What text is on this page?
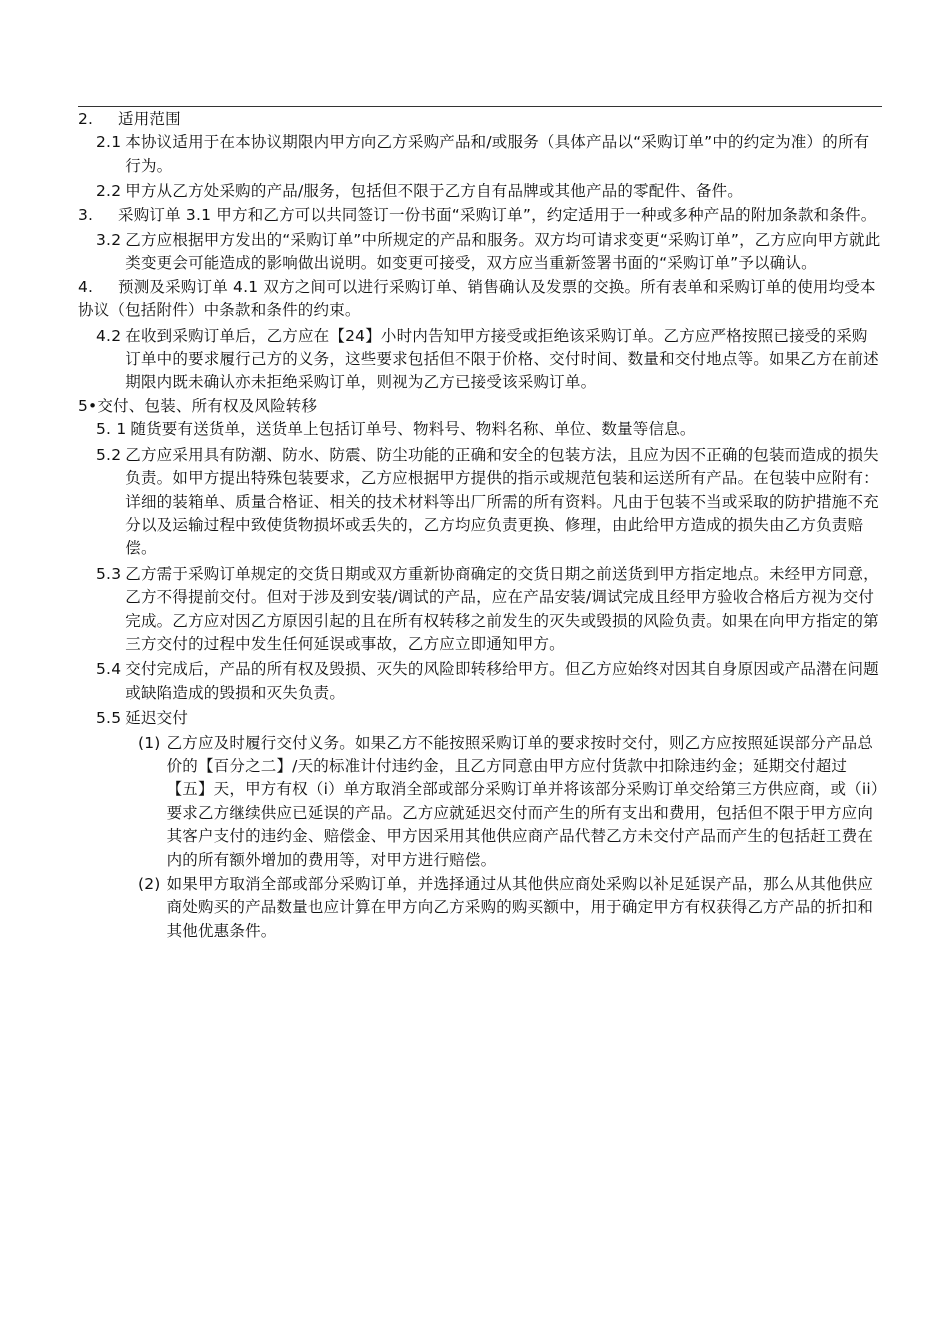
2.	适用范围
2.1 本协议适用于在本协议期限内甲方向乙方采购产品和/或服务（具体产品以“采购订单”中的约定为准）的所有行为。
2.2 甲方从乙方处采购的产品/服务，包括但不限于乙方自有品牌或其他产品的零配件、备件。
3. 采购订单 3.1 甲方和乙方可以共同签订一份书面“采购订单”，约定适用于一种或多种产品的附加条款和条件。
3.2 乙方应根据甲方发出的“采购订单”中所规定的产品和服务。双方均可请求变更“采购订单”，乙方应向甲方就此类变更会可能造成的影响做出说明。如变更可接受，双方应当重新签署书面的“采购订单”予以确认。
4. 预测及采购订单 4.1 双方之间可以进行采购订单、销售确认及发票的交换。所有表单和采购订单的使用均受本协议（包括附件）中条款和条件的约束。
4.2 在收到采购订单后，乙方应在【24】小时内告知甲方接受或拒绝该采购订单。乙方应严格按照已接受的采购订单中的要求履行己方的义务，这些要求包括但不限于价格、交付时间、数量和交付地点等。如果乙方在前述期限内既未确认亦未拒绝采购订单，则视为乙方已接受该采购订单。
5•交付、包装、所有权及风险转移
5. 1 随货要有送货单，送货单上包括订单号、物料号、物料名称、单位、数量等信息。
5.2 乙方应采用具有防潮、防水、防震、防尘功能的正确和安全的包装方法，且应为因不正确的包装而造成的损失负责。如甲方提出特殊包装要求，乙方应根据甲方提供的指示或规范包装和运送所有产品。在包装中应附有：详细的装箱单、质量合格证、相关的技术材料等出厂所需的所有资料。凡由于包装不当或采取的防护措施不充分以及运输过程中致使货物损坏或丢失的，乙方均应负责更换、修理，由此给甲方造成的损失由乙方负责赔偿。
5.3 乙方需于采购订单规定的交货日期或双方重新协商确定的交货日期之前送货到甲方指定地点。未经甲方同意，乙方不得提前交付。但对于涉及到安装/调试的产品，应在产品安装/调试完成且经甲方验收合格后方视为交付完成。乙方应对因乙方原因引起的且在所有权转移之前发生的灭失或毁损的风险负责。如果在向甲方指定的第三方交付的过程中发生任何延误或事故，乙方应立即通知甲方。
5.4 交付完成后，产品的所有权及毁损、灭失的风险即转移给甲方。但乙方应始终对因其自身原因或产品潜在问题或缺陷造成的毁损和灭失负责。
5.5 延迟交付
(1) 乙方应及时履行交付义务。如果乙方不能按照采购订单的要求按时交付，则乙方应按照延误部分产品总价的【百分之二】/天的标准计付违约金，且乙方同意由甲方应付货款中扣除违约金；延期交付超过【五】天，甲方有权（i）单方取消全部或部分采购订单并将该部分采购订单交给第三方供应商，或（ii）要求乙方继续供应已延误的产品。乙方应就延迟交付而产生的所有支出和费用，包括但不限于甲方应向其客户支付的违约金、赔偿金、甲方因采用其他供应商产品代替乙方未交付产品而产生的包括赶工费在内的所有额外增加的费用等，对甲方进行赔偿。
(2) 如果甲方取消全部或部分采购订单，并选择通过从其他供应商处采购以补足延误产品，那么从其他供应商处购买的产品数量也应计算在甲方向乙方采购的购买额中，用于确定甲方有权获得乙方产品的折扣和其他优惠条件。
